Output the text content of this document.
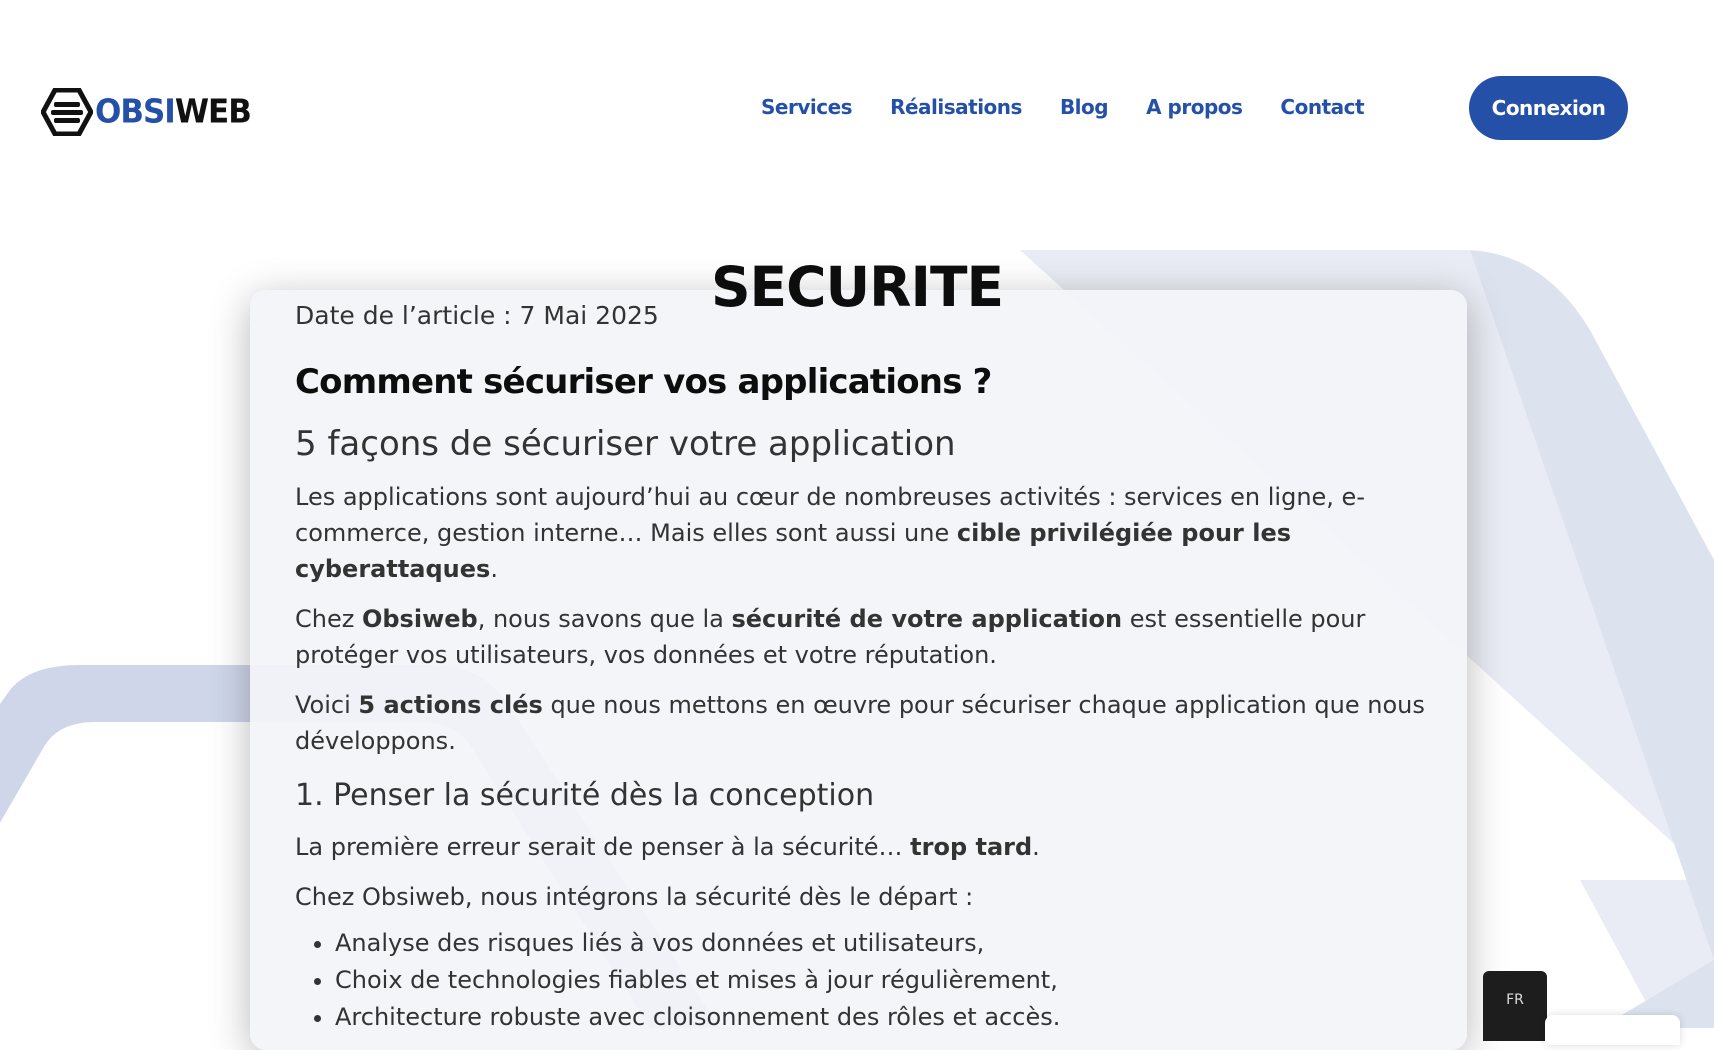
OBSIWEB	Services Réalisations Blog A propos Contact	Connexion
SECURITE
Date de l’article : 7 Mai 2025
Comment sécuriser vos applications ?
5 façons de sécuriser votre application

Les applications sont aujourd’hui au cœur de nombreuses activités : services en ligne, e-commerce, gestion interne… Mais elles sont aussi une cible privilégiée pour les cyberattaques.

Chez Obsiweb, nous savons que la sécurité de votre application est essentielle pour protéger vos utilisateurs, vos données et votre réputation.

Voici 5 actions clés que nous mettons en œuvre pour sécuriser chaque application que nous développons.

1. Penser la sécurité dès la conception

La première erreur serait de penser à la sécurité… trop tard.

Chez Obsiweb, nous intégrons la sécurité dès le départ :

• Analyse des risques liés à vos données et utilisateurs,
• Choix de technologies fiables et mises à jour régulièrement,
• Architecture robuste avec cloisonnement des rôles et accès.
FR
